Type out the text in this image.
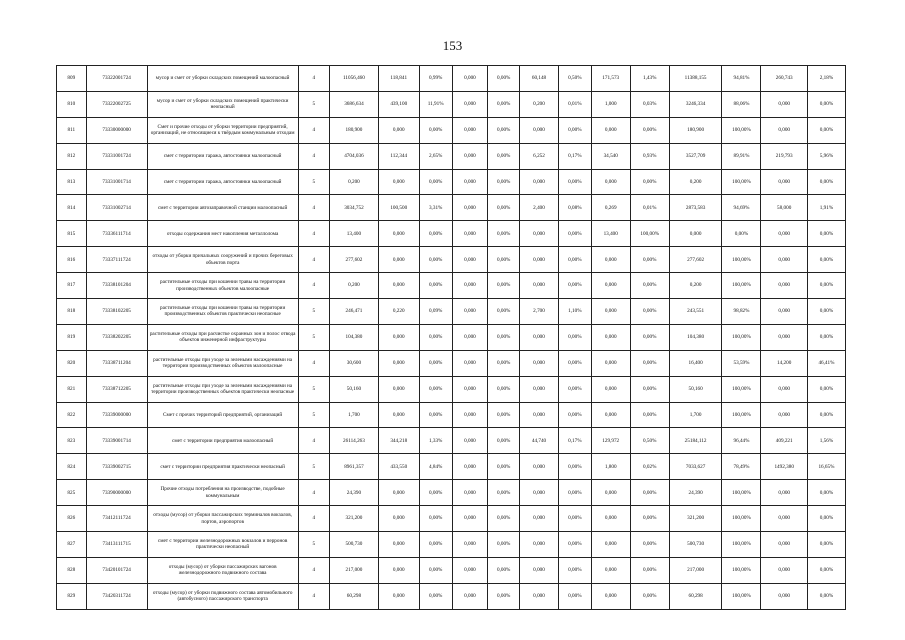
153
809	73322001724	мусор и смет от уборки складских помещений малоопасный	4	11056,460	118,841	0,99%	0,000	0,00%	60,148	0,50%	171,573	1,43%	11388,155	94,81%	260,743	2,18%
810	73322002725	мусор и смет от уборки складских помещений практически неопасный	5	3686,634	439,100	11,91%	0,000	0,00%	0,200	0,01%	1,000	0,03%	3246,334	88,06%	0,000	0,00%
811	73330000000	Смет и прочие отходы от уборки территории предприятий, организаций, не относящиеся к твёрдым коммунальным отходам	4	180,900	0,000	0,00%	0,000	0,00%	0,000	0,00%	0,000	0,00%	180,900	100,00%	0,000	0,00%
812	73331001724	смет с территории гаража, автостоянки малоопасный	4	4704,036	112,344	2,65%	0,000	0,00%	6,252	0,17%	34,540	0,93%	3527,709	89,91%	219,793	5,96%
813	73331001714	смет с территории гаража, автостоянки малоопасный	5	0,200	0,000	0,00%	0,000	0,00%	0,000	0,00%	0,000	0,00%	0,200	100,00%	0,000	0,00%
814	73331002714	смет с территории автозаправочной станции малоопасный	4	3034,752	100,500	3,31%	0,000	0,00%	2,400	0,08%	0,269	0,01%	2873,583	94,69%	58,000	1,91%
815	73336111714	отходы содержания мест накопления металлолома	4	13,400	0,000	0,00%	0,000	0,00%	0,000	0,00%	13,400	100,00%	0,000	0,00%	0,000	0,00%
816	73337111724	отходы от уборки причальных сооружений и прочих береговых объектов порта	4	277,602	0,000	0,00%	0,000	0,00%	0,000	0,00%	0,000	0,00%	277,602	100,00%	0,000	0,00%
817	73338101204	растительные отходы при кошении травы на территории производственных объектов малоопасные	4	0,200	0,000	0,00%	0,000	0,00%	0,000	0,00%	0,000	0,00%	0,200	100,00%	0,000	0,00%
818	73338102205	растительные отходы при кошении травы на территории производственных объектов практически неопасные	5	246,471	0,220	0,09%	0,000	0,00%	2,700	1,10%	0,000	0,00%	243,551	98,82%	0,000	0,00%
819	73338202205	растительные отходы при расчистке охранных зон и полос отвода объектов инженерной инфраструктуры	5	104,380	0,000	0,00%	0,000	0,00%	0,000	0,00%	0,000	0,00%	104,380	100,00%	0,000	0,00%
820	73338711204	растительные отходы при уходе за зелеными насаждениями на территории производственных объектов малоопасные	4	30,600	0,000	0,00%	0,000	0,00%	0,000	0,00%	0,000	0,00%	16,400	53,59%	14,200	46,41%
821	73338712205	растительные отходы при уходе за зелеными насаждениями на территории производственных объектов практически неопасные	5	50,160	0,000	0,00%	0,000	0,00%	0,000	0,00%	0,000	0,00%	50,160	100,00%	0,000	0,00%
822	73339000000	Смет с прочих территорий предприятий, организаций	5	1,700	0,000	0,00%	0,000	0,00%	0,000	0,00%	0,000	0,00%	1,700	100,00%	0,000	0,00%
823	73339001714	смет с территории предприятия малоопасный	4	26114,263	344,218	1,33%	0,000	0,00%	44,740	0,17%	129,972	0,50%	25184,112	96,44%	409,221	1,56%
824	73339002715	смет с территории предприятия практически неопасный	5	8961,357	433,550	4,84%	0,000	0,00%	0,000	0,00%	1,800	0,02%	7033,627	78,49%	1492,380	16,65%
825	73390000000	Прочие отходы потребления на производстве, подобные коммунальным	4	24,390	0,000	0,00%	0,000	0,00%	0,000	0,00%	0,000	0,00%	24,390	100,00%	0,000	0,00%
826	73412111724	отходы (мусор) от уборки пассажирских терминалов вокзалов, портов, аэропортов	4	321,200	0,000	0,00%	0,000	0,00%	0,000	0,00%	0,000	0,00%	321,200	100,00%	0,000	0,00%
827	73413111715	смет с территории железнодорожных вокзалов и перронов практически неопасный	5	500,730	0,000	0,00%	0,000	0,00%	0,000	0,00%	0,000	0,00%	500,730	100,00%	0,000	0,00%
828	73420101724	отходы (мусор) от уборки пассажирских вагонов железнодорожного подвижного состава	4	217,000	0,000	0,00%	0,000	0,00%	0,000	0,00%	0,000	0,00%	217,000	100,00%	0,000	0,00%
829	73420311724	отходы (мусор) от уборки подвижного состава автомобильного (автобусного) пассажирского транспорта	4	60,298	0,000	0,00%	0,000	0,00%	0,000	0,00%	0,000	0,00%	60,298	100,00%	0,000	0,00%
